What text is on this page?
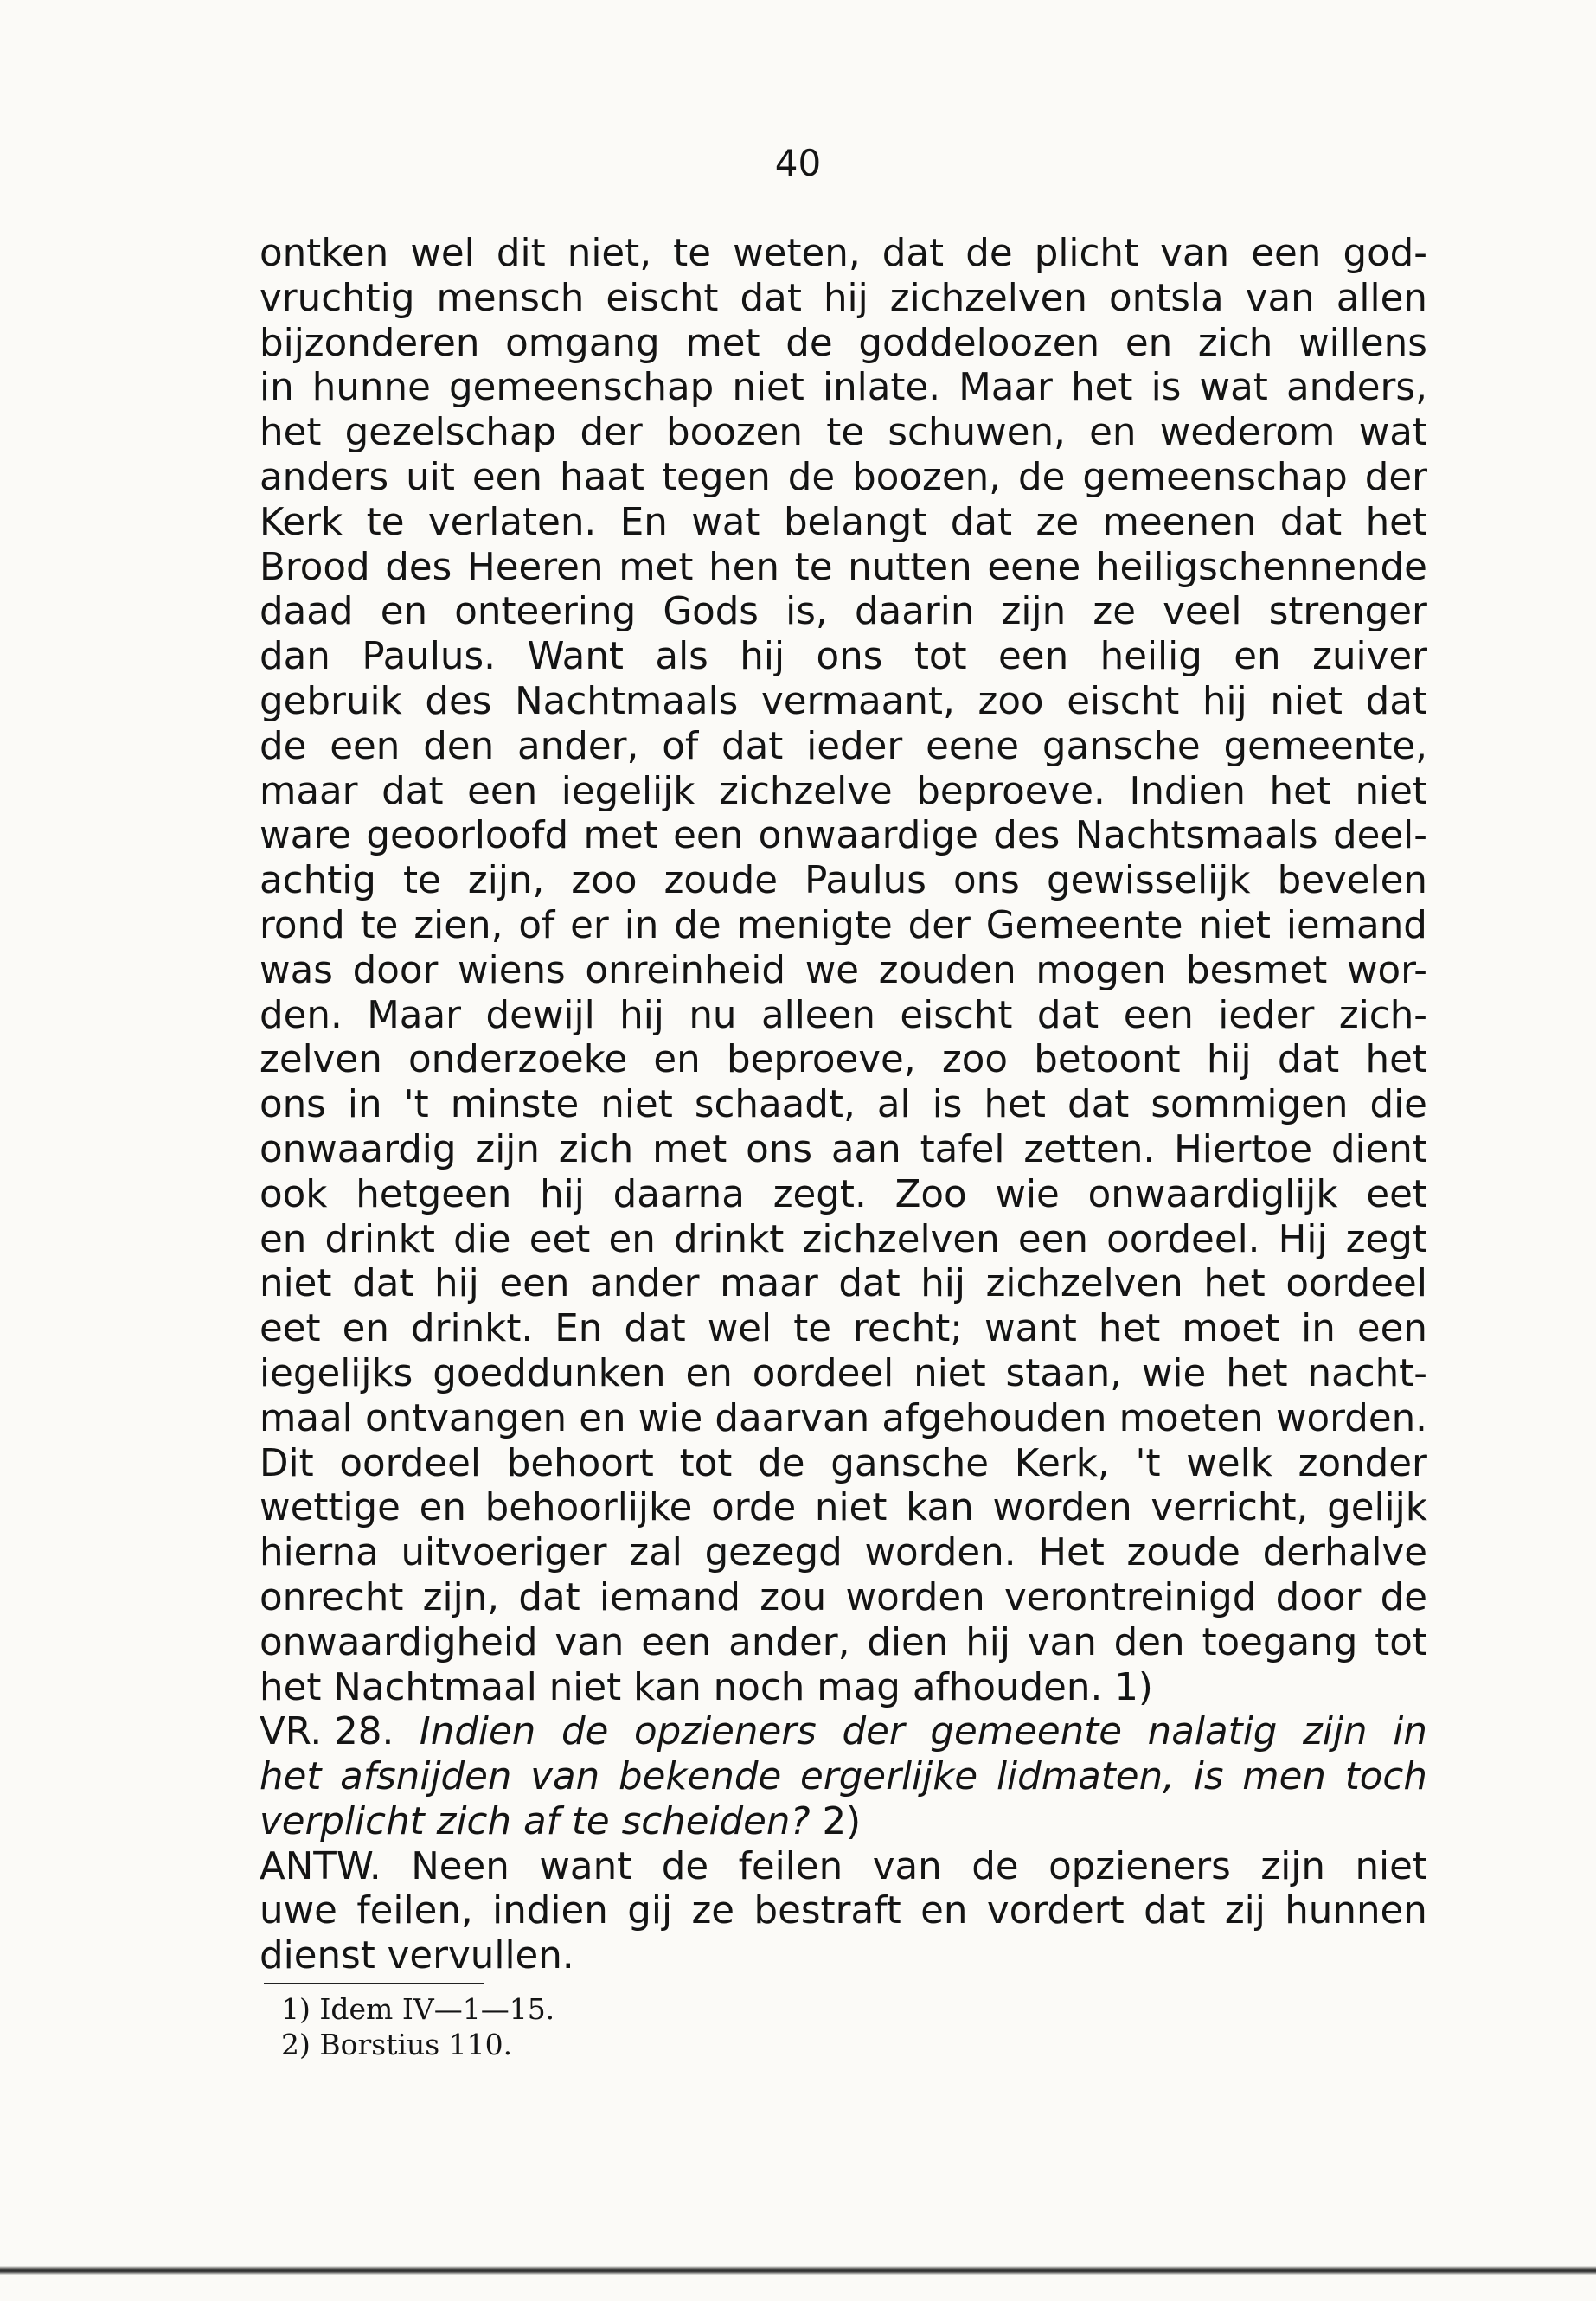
40
ontken wel dit niet, te weten, dat de plicht van een god-
vruchtig mensch eischt dat hij zichzelven ontsla van allen
bijzonderen omgang met de goddeloozen en zich willens
in hunne gemeenschap niet inlate. Maar het is wat anders,
het gezelschap der boozen te schuwen, en wederom wat
anders uit een haat tegen de boozen, de gemeenschap der
Kerk te verlaten. En wat belangt dat ze meenen dat het
Brood des Heeren met hen te nutten eene heiligschennende
daad en onteering Gods is, daarin zijn ze veel strenger
dan Paulus. Want als hij ons tot een heilig en zuiver
gebruik des Nachtmaals vermaant, zoo eischt hij niet dat
de een den ander, of dat ieder eene gansche gemeente,
maar dat een iegelijk zichzelve beproeve. Indien het niet
ware geoorloofd met een onwaardige des Nachtsmaals deel-
achtig te zijn, zoo zoude Paulus ons gewisselijk bevelen
rond te zien, of er in de menigte der Gemeente niet iemand
was door wiens onreinheid we zouden mogen besmet wor-
den. Maar dewijl hij nu alleen eischt dat een ieder zich-
zelven onderzoeke en beproeve, zoo betoont hij dat het
ons in 't minste niet schaadt, al is het dat sommigen die
onwaardig zijn zich met ons aan tafel zetten. Hiertoe dient
ook hetgeen hij daarna zegt. Zoo wie onwaardiglijk eet
en drinkt die eet en drinkt zichzelven een oordeel. Hij zegt
niet dat hij een ander maar dat hij zichzelven het oordeel
eet en drinkt. En dat wel te recht; want het moet in een
iegelijks goeddunken en oordeel niet staan, wie het nacht-
maal ontvangen en wie daarvan afgehouden moeten worden.
Dit oordeel behoort tot de gansche Kerk, 't welk zonder
wettige en behoorlijke orde niet kan worden verricht, gelijk
hierna uitvoeriger zal gezegd worden. Het zoude derhalve
onrecht zijn, dat iemand zou worden verontreinigd door de
onwaardigheid van een ander, dien hij van den toegang tot
het Nachtmaal niet kan noch mag afhouden. 1)
VR. 28. Indien de opzieners der gemeente nalatig zijn in
het afsnijden van bekende ergerlijke lidmaten, is men toch
verplicht zich af te scheiden? 2)
ANTW. Neen want de feilen van de opzieners zijn niet
uwe feilen, indien gij ze bestraft en vordert dat zij hunnen
dienst vervullen.
1) Idem IV—1—15.
2) Borstius 110.
